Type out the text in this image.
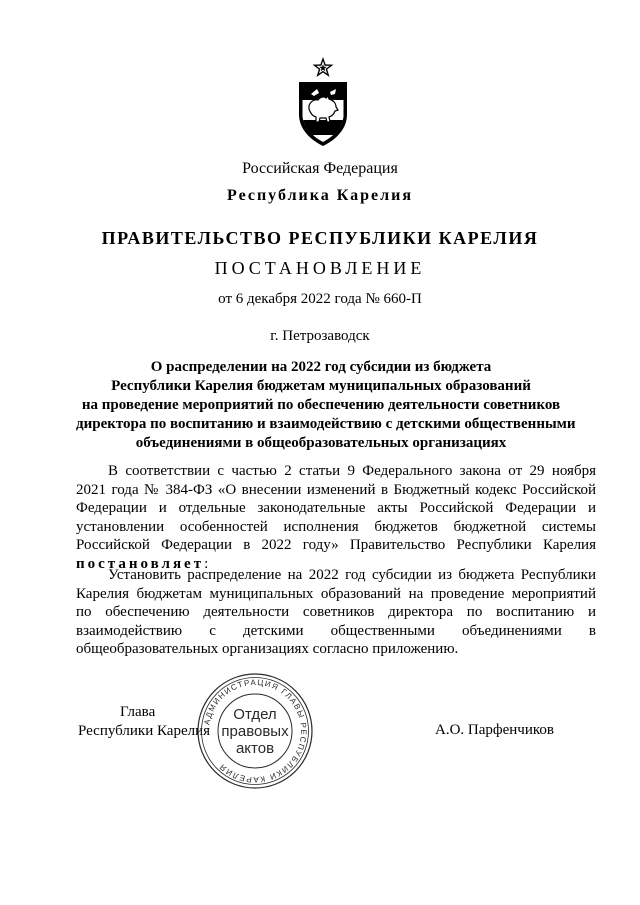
Российская Федерация
Республика Карелия
ПРАВИТЕЛЬСТВО РЕСПУБЛИКИ КАРЕЛИЯ
ПОСТАНОВЛЕНИЕ
от 6 декабря 2022 года № 660-П
г. Петрозаводск
О распределении на 2022 год субсидии из бюджета
Республики Карелия бюджетам муниципальных образований
на проведение мероприятий по обеспечению деятельности советников
директора по воспитанию и взаимодействию с детскими общественными
объединениями в общеобразовательных организациях
В соответствии с частью 2 статьи 9 Федерального закона от 29 ноября
2021 года № 384-ФЗ «О внесении изменений в Бюджетный кодекс Российской
Федерации и отдельные законодательные акты Российской Федерации и
установлении особенностей исполнения бюджетов бюджетной системы
Российской Федерации в 2022 году» Правительство Республики Карелия
постановляет:
Установить распределение на 2022 год субсидии из бюджета Республики
Карелия бюджетам муниципальных образований на проведение мероприятий
по обеспечению деятельности советников директора по воспитанию и
взаимодействию с детскими общественными объединениями в
общеобразовательных организациях согласно приложению.
Глава
Республики Карелия
АДМИНИСТРАЦИЯ ГЛАВЫ РЕСПУБЛИКИ КАРЕЛИЯ
Отдел
правовых
актов
А.О. Парфенчиков
